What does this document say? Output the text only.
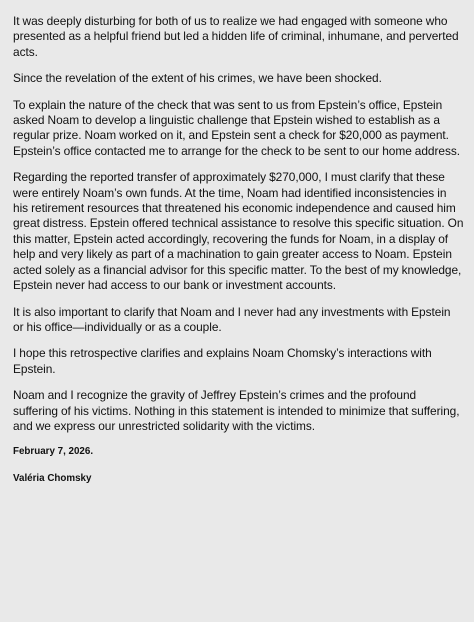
It was deeply disturbing for both of us to realize we had engaged with someone who presented as a helpful friend but led a hidden life of criminal, inhumane, and perverted acts.

Since the revelation of the extent of his crimes, we have been shocked.

To explain the nature of the check that was sent to us from Epstein’s office, Epstein asked Noam to develop a linguistic challenge that Epstein wished to establish as a regular prize. Noam worked on it, and Epstein sent a check for $20,000 as payment. Epstein’s office contacted me to arrange for the check to be sent to our home address.

Regarding the reported transfer of approximately $270,000, I must clarify that these were entirely Noam’s own funds. At the time, Noam had identified inconsistencies in his retirement resources that threatened his economic independence and caused him great distress. Epstein offered technical assistance to resolve this specific situation. On this matter, Epstein acted accordingly, recovering the funds for Noam, in a display of help and very likely as part of a machination to gain greater access to Noam. Epstein acted solely as a financial advisor for this specific matter. To the best of my knowledge, Epstein never had access to our bank or investment accounts.

It is also important to clarify that Noam and I never had any investments with Epstein or his office—individually or as a couple.

I hope this retrospective clarifies and explains Noam Chomsky’s interactions with Epstein.

Noam and I recognize the gravity of Jeffrey Epstein’s crimes and the profound suffering of his victims. Nothing in this statement is intended to minimize that suffering, and we express our unrestricted solidarity with the victims.

February 7, 2026.

Valéria Chomsky
